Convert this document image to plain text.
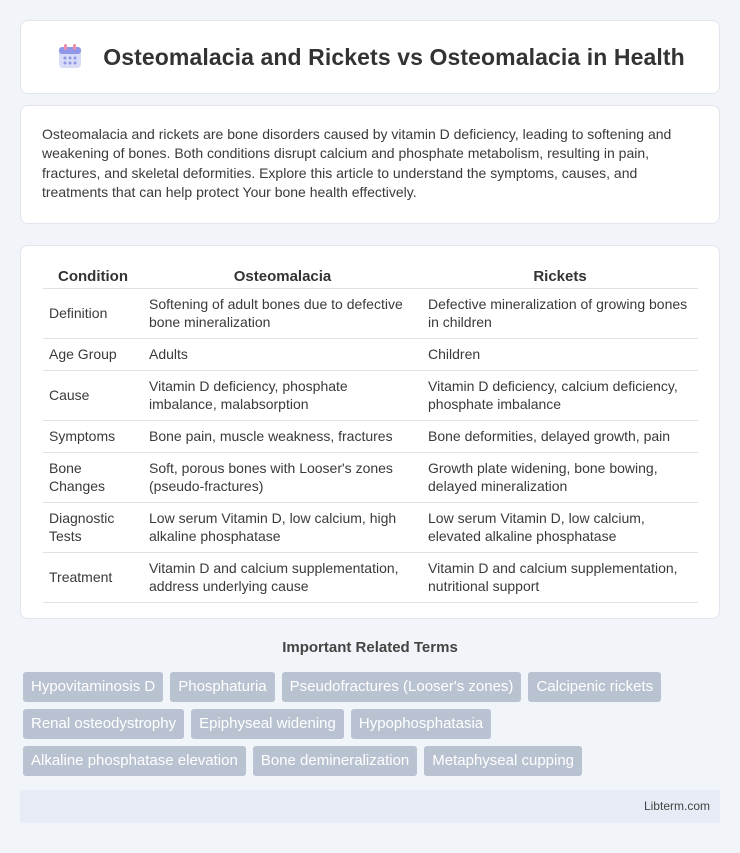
Osteomalacia and Rickets vs Osteomalacia in Health

Osteomalacia and rickets are bone disorders caused by vitamin D deficiency, leading to softening and weakening of bones. Both conditions disrupt calcium and phosphate metabolism, resulting in pain, fractures, and skeletal deformities. Explore this article to understand the symptoms, causes, and treatments that can help protect Your bone health effectively.

Condition	Osteomalacia	Rickets
Definition	Softening of adult bones due to defective bone mineralization	Defective mineralization of growing bones in children
Age Group	Adults	Children
Cause	Vitamin D deficiency, phosphate imbalance, malabsorption	Vitamin D deficiency, calcium deficiency, phosphate imbalance
Symptoms	Bone pain, muscle weakness, fractures	Bone deformities, delayed growth, pain
Bone Changes	Soft, porous bones with Looser's zones (pseudo-fractures)	Growth plate widening, bone bowing, delayed mineralization
Diagnostic Tests	Low serum Vitamin D, low calcium, high alkaline phosphatase	Low serum Vitamin D, low calcium, elevated alkaline phosphatase
Treatment	Vitamin D and calcium supplementation, address underlying cause	Vitamin D and calcium supplementation, nutritional support
Important Related Terms
Hypovitaminosis D	Phosphaturia	Pseudofractures (Looser's zones)	Calcipenic rickets
Renal osteodystrophy	Epiphyseal widening	Hypophosphatasia
Alkaline phosphatase elevation	Bone demineralization	Metaphyseal cupping
Libterm.com
